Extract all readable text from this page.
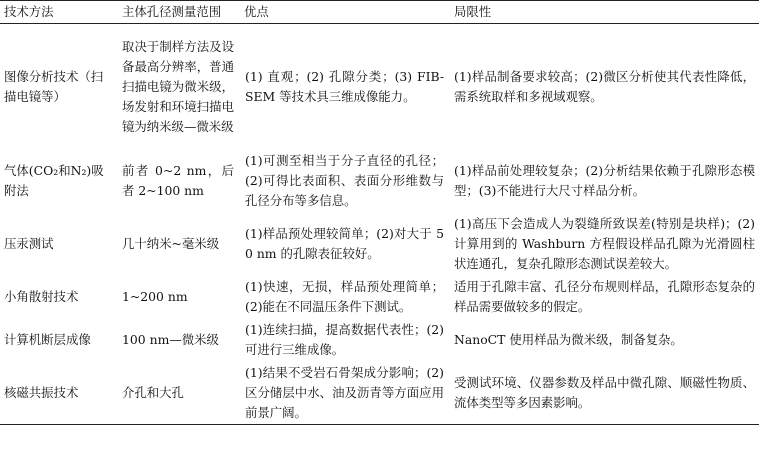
技术方法	主体孔径测量范围	优点	局限性
图像分析技术（扫描电镜等）	取决于制样方法及设备最高分辨率，普通扫描电镜为微米级，场发射和环境扫描电镜为纳米级—微米级	(1) 直观；(2) 孔隙分类；(3) FIB-SEM 等技术具三维成像能力。	(1)样品制备要求较高；(2)微区分析使其代表性降低，需系统取样和多视域观察。
气体(CO₂和N₂)吸附法	前者 0~2 nm，后者 2~100 nm	(1)可测至相当于分子直径的孔径；(2)可得比表面积、表面分形维数与孔径分布等多信息。	(1)样品前处理较复杂；(2)分析结果依赖于孔隙形态模型；(3)不能进行大尺寸样品分析。
压汞测试	几十纳米~毫米级	(1)样品预处理较简单；(2)对大于 50 nm 的孔隙表征较好。	(1)高压下会造成人为裂缝所致误差(特别是块样)；(2)计算用到的 Washburn 方程假设样品孔隙为光滑圆柱状连通孔，复杂孔隙形态测试误差较大。
小角散射技术	1~200 nm	(1)快速，无损，样品预处理简单；(2)能在不同温压条件下测试。	适用于孔隙丰富、孔径分布规则样品，孔隙形态复杂的样品需要做较多的假定。
计算机断层成像	100 nm—微米级	(1)连续扫描，提高数据代表性；(2)可进行三维成像。	NanoCT 使用样品为微米级，制备复杂。
核磁共振技术	介孔和大孔	(1)结果不受岩石骨架成分影响；(2)区分储层中水、油及沥青等方面应用前景广阔。	受测试环境、仪器参数及样品中微孔隙、顺磁性物质、流体类型等多因素影响。
